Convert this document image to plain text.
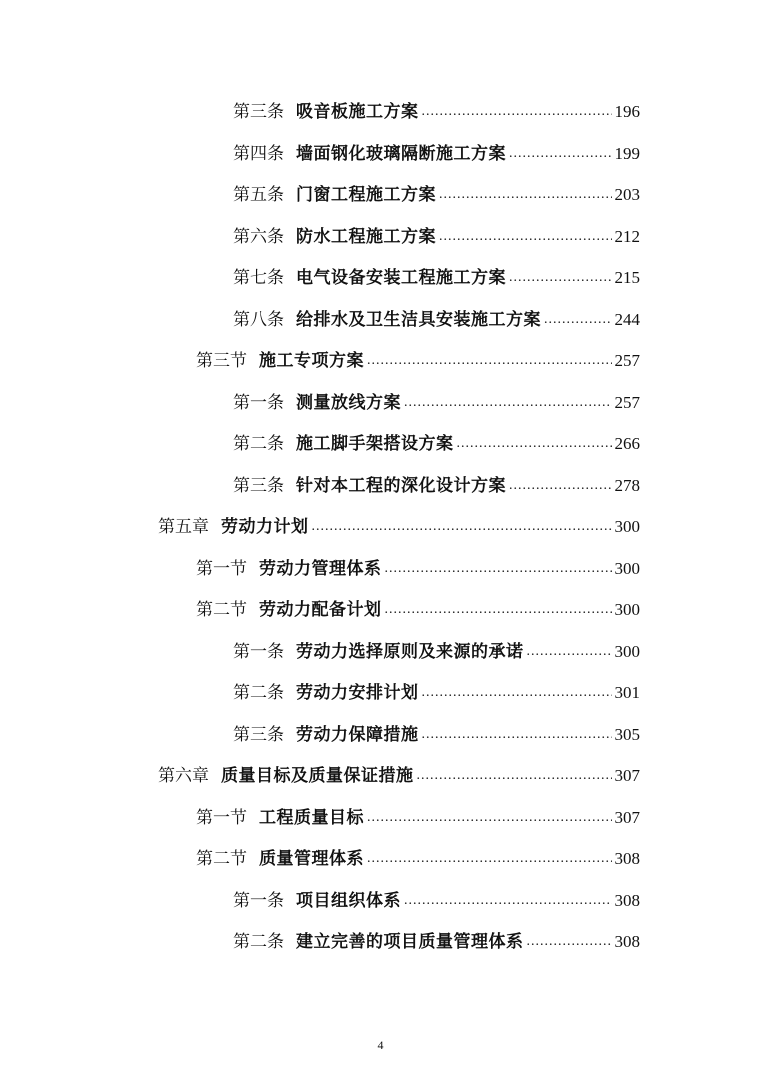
第三条 吸音板施工方案 .....	196
第四条 墙面钢化玻璃隔断施工方案 .....	199
第五条 门窗工程施工方案 .....	203
第六条 防水工程施工方案 .....	212
第七条 电气设备安装工程施工方案 .....	215
第八条 给排水及卫生洁具安装施工方案 .....	244
第三节 施工专项方案 .....	257
第一条 测量放线方案 .....	257
第二条 施工脚手架搭设方案 .....	266
第三条 针对本工程的深化设计方案 .....	278
第五章 劳动力计划 .....	300
第一节 劳动力管理体系 .....	300
第二节 劳动力配备计划 .....	300
第一条 劳动力选择原则及来源的承诺 .....	300
第二条 劳动力安排计划 .....	301
第三条 劳动力保障措施 .....	305
第六章 质量目标及质量保证措施 .....	307
第一节 工程质量目标 .....	307
第二节 质量管理体系 .....	308
第一条 项目组织体系 .....	308
第二条 建立完善的项目质量管理体系 .....	308
4
